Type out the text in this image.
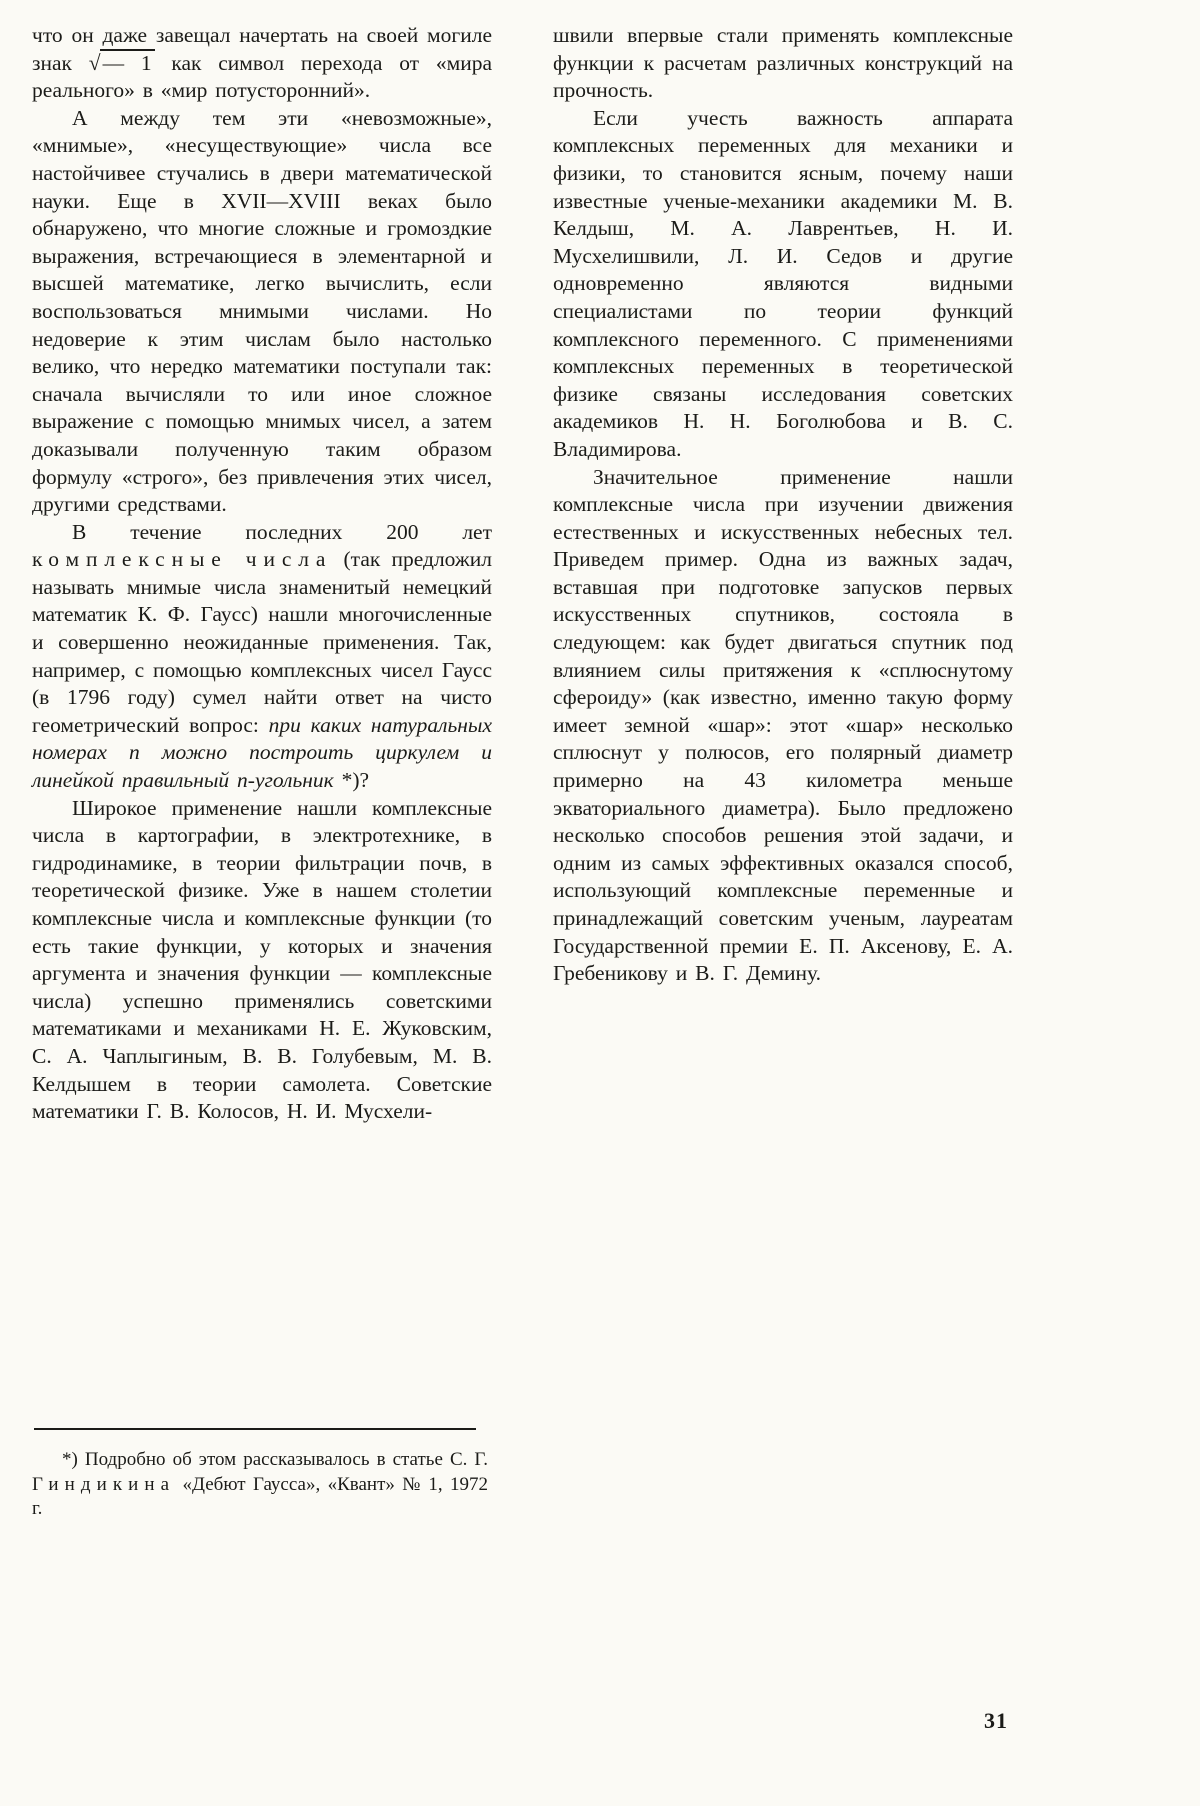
что он даже завещал начертать на своей могиле знак √— 1 как символ перехода от «мира реального» в «мир потусторонний».

А между тем эти «невозможные», «мнимые», «несуществующие» числа все настойчивее стучались в двери математической науки. Еще в XVII—XVIII веках было обнаружено, что многие сложные и громоздкие выражения, встречающиеся в элементарной и высшей математике, легко вычислить, если воспользоваться мнимыми числами. Но недоверие к этим числам было настолько велико, что нередко математики поступали так: сначала вычисляли то или иное сложное выражение с помощью мнимых чисел, а затем доказывали полученную таким образом формулу «строго», без привлечения этих чисел, другими средствами.

В течение последних 200 лет комплексные числа (так предложил называть мнимые числа знаменитый немецкий математик К. Ф. Гаусс) нашли многочисленные и совершенно неожиданные применения. Так, например, с помощью комплексных чисел Гаусс (в 1796 году) сумел найти ответ на чисто геометрический вопрос: при каких натуральных номерах n можно построить циркулем и линейкой правильный n-угольник *)?

Широкое применение нашли комплексные числа в картографии, в электротехнике, в гидродинамике, в теории фильтрации почв, в теоретической физике. Уже в нашем столетии комплексные числа и комплексные функции (то есть такие функции, у которых и значения аргумента и значения функции — комплексные числа) успешно применялись советскими математиками и механиками Н. Е. Жуковским, С. А. Чаплыгиным, В. В. Голубевым, М. В. Келдышем в теории самолета. Советские математики Г. В. Колосов, Н. И. Мусхели-

швили впервые стали применять комплексные функции к расчетам различных конструкций на прочность.

Если учесть важность аппарата комплексных переменных для механики и физики, то становится ясным, почему наши известные ученые-механики академики М. В. Келдыш, М. А. Лаврентьев, Н. И. Мусхелишвили, Л. И. Седов и другие одновременно являются видными специалистами по теории функций комплексного переменного. С применениями комплексных переменных в теоретической физике связаны исследования советских академиков Н. Н. Боголюбова и В. С. Владимирова.

Значительное применение нашли комплексные числа при изучении движения естественных и искусственных небесных тел. Приведем пример. Одна из важных задач, вставшая при подготовке запусков первых искусственных спутников, состояла в следующем: как будет двигаться спутник под влиянием силы притяжения к «сплюснутому сфероиду» (как известно, именно такую форму имеет земной «шар»: этот «шар» несколько сплюснут у полюсов, его полярный диаметр примерно на 43 километра меньше экваториального диаметра). Было предложено несколько способов решения этой задачи, и одним из самых эффективных оказался способ, использующий комплексные переменные и принадлежащий советским ученым, лауреатам Государственной премии Е. П. Аксенову, Е. А. Гребеникову и В. Г. Демину.

*) Подробно об этом рассказывалось в статье С. Г. Гиндикина «Дебют Гаусса», «Квант» № 1, 1972 г.
31
